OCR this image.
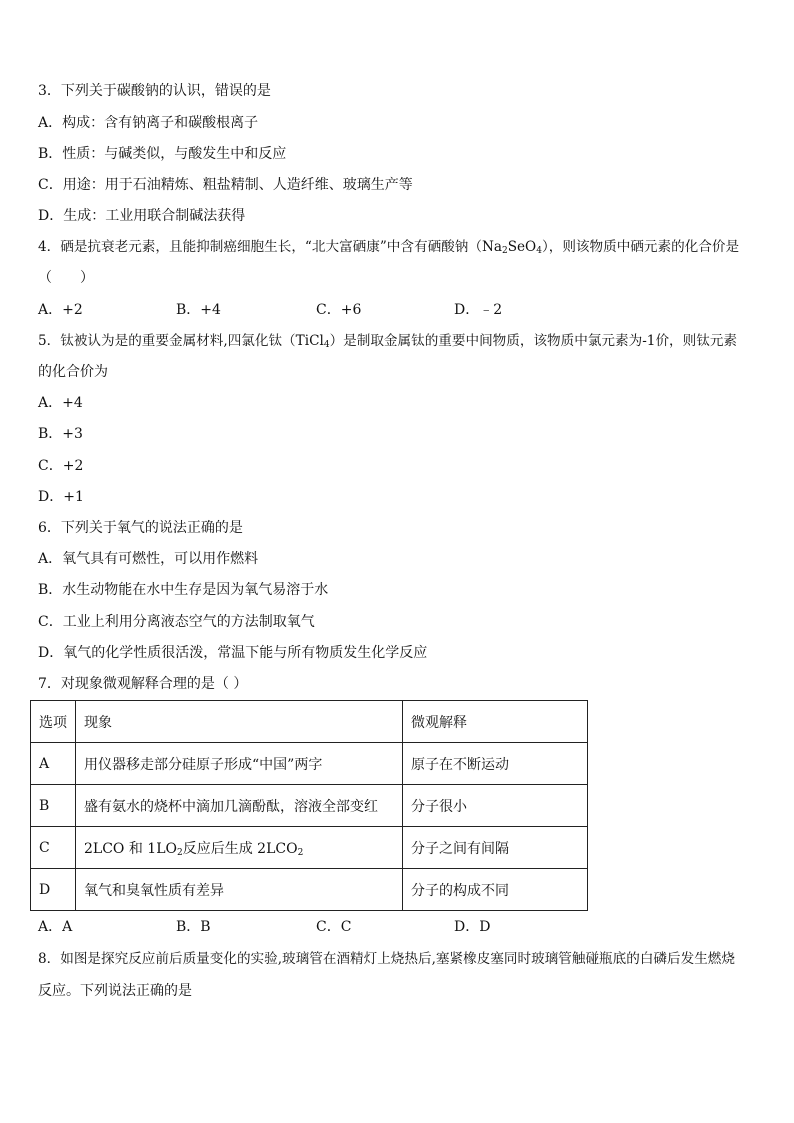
3．下列关于碳酸钠的认识，错误的是
A．构成：含有钠离子和碳酸根离子
B．性质：与碱类似，与酸发生中和反应
C．用途：用于石油精炼、粗盐精制、人造纤维、玻璃生产等
D．生成：工业用联合制碱法获得
4．硒是抗衰老元素，且能抑制癌细胞生长，“北大富硒康”中含有硒酸钠$(Na_2SeO_4)$，则该物质中硒元素的化合价是
（　　）
A．+2	B．+4	C．+6	D．﹣2
5．钛被认为是的重要金属材料,四氯化钛（TiCl$_4$）是制取金属钛的重要中间物质，该物质中氯元素为-1价，则钛元素
的化合价为
A．+4
B．+3
C．+2
D．+1
6．下列关于氧气的说法正确的是
A．氧气具有可燃性，可以用作燃料
B．水生动物能在水中生存是因为氧气易溶于水
C．工业上利用分离液态空气的方法制取氧气
D．氧气的化学性质很活泼，常温下能与所有物质发生化学反应
7．对现象微观解释合理的是（ ）
选项	现象	微观解释
A	用仪器移走部分硅原子形成“中国”两字	原子在不断运动
B	盛有氨水的烧杯中滴加几滴酚酞，溶液全部变红	分子很小
C	2LCO 和 $1LO_2$反应后生成 $2LCO_2$	分子之间有间隔
D	氧气和臭氧性质有差异	分子的构成不同
A．A	B．B	C．C	D．D
8．如图是探究反应前后质量变化的实验,玻璃管在酒精灯上烧热后,塞紧橡皮塞同时玻璃管触碰瓶底的白磷后发生燃烧
反应。下列说法正确的是
